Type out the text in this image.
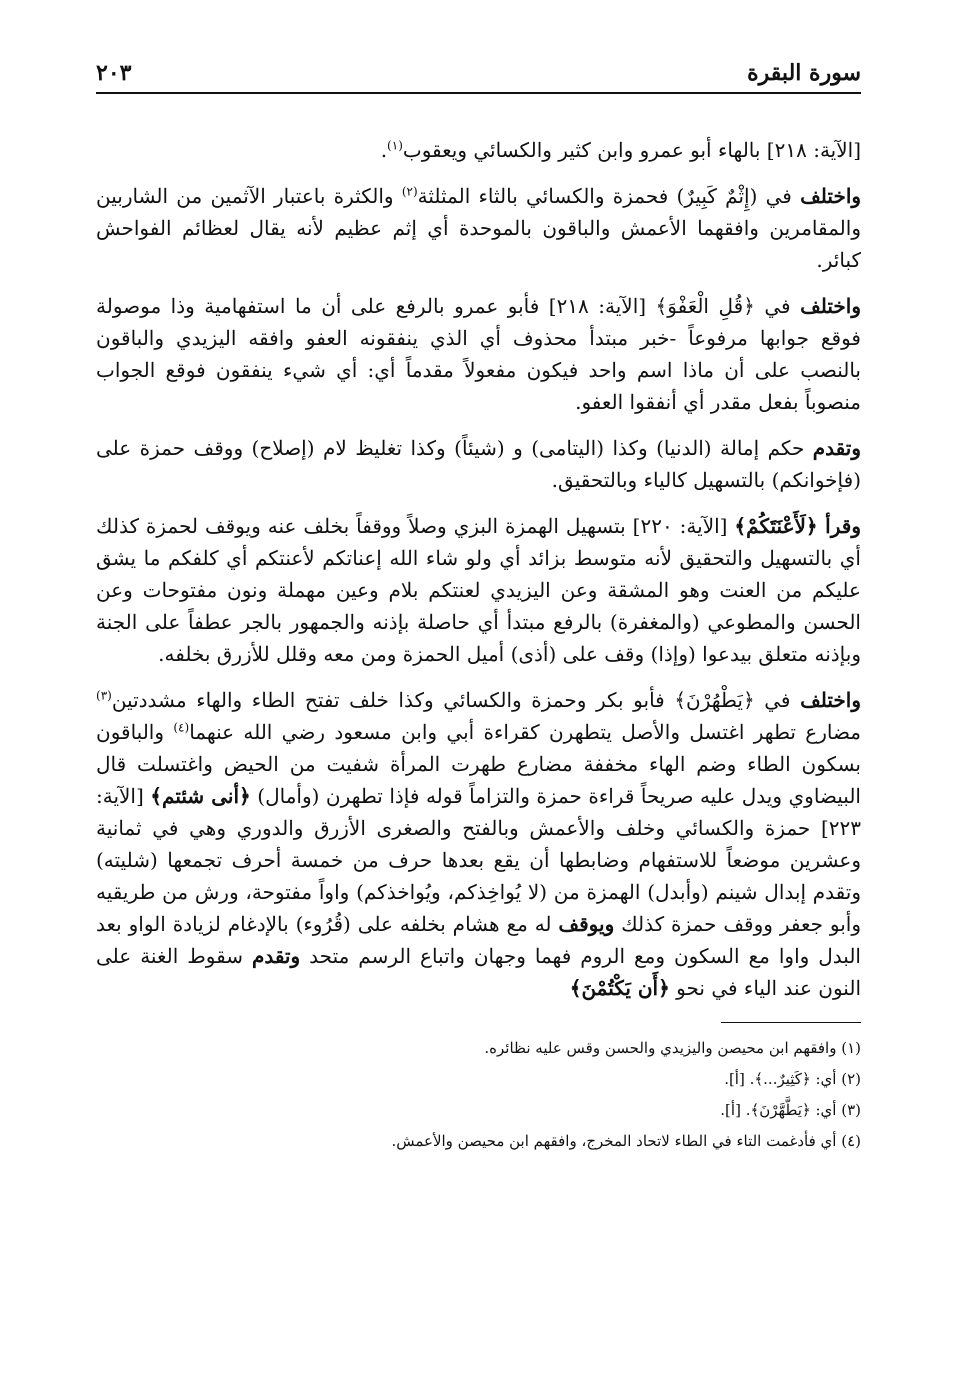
سورة البقرة
٢٠٣

[الآية: ٢١٨] بالهاء أبو عمرو وابن كثير والكسائي ويعقوب$^{(١)}$.

واختلف في (إِثْمٌ كَبِيرٌ) فحمزة والكسائي بالثاء المثلثة$^{(٢)}$ والكثرة باعتبار الآثمين من الشاربين والمقامرين وافقهما الأعمش والباقون بالموحدة أي إثم عظيم لأنه يقال لعظائم الفواحش كبائر.

واختلف في ﴿قُلِ الْعَفْوَ﴾ [الآية: ٢١٨] فأبو عمرو بالرفع على أن ما استفهامية وذا موصولة فوقع جوابها مرفوعاً -خبر مبتدأ محذوف أي الذي ينفقونه العفو وافقه اليزيدي والباقون بالنصب على أن ماذا اسم واحد فيكون مفعولاً مقدماً أي: أي شيء ينفقون فوقع الجواب منصوباً بفعل مقدر أي أنفقوا العفو.

وتقدم حكم إمالة (الدنيا) وكذا (اليتامى) و (شيئاً) وكذا تغليظ لام (إصلاح) ووقف حمزة على (فإخوانكم) بالتسهيل كالياء وبالتحقيق.

وقرأ ﴿لَأَعْنَتَكُمْ﴾ [الآية: ٢٢٠] بتسهيل الهمزة البزي وصلاً ووقفاً بخلف عنه ويوقف لحمزة كذلك أي بالتسهيل والتحقيق لأنه متوسط بزائد أي ولو شاء الله إعناتكم لأعنتكم أي كلفكم ما يشق عليكم من العنت وهو المشقة وعن اليزيدي لعنتكم بلام وعين مهملة ونون مفتوحات وعن الحسن والمطوعي (والمغفرة) بالرفع مبتدأ أي حاصلة بإذنه والجمهور بالجر عطفاً على الجنة وبإذنه متعلق بيدعوا (وإذا) وقف على (أذى) أميل الحمزة ومن معه وقلل للأزرق بخلفه.

واختلف في ﴿يَطْهُرْنَ﴾ فأبو بكر وحمزة والكسائي وكذا خلف تفتح الطاء والهاء مشددتين$^{(٣)}$ مضارع تطهر اغتسل والأصل يتطهرن كقراءة أبي وابن مسعود رضي الله عنهما$^{(٤)}$ والباقون بسكون الطاء وضم الهاء مخففة مضارع طهرت المرأة شفيت من الحيض واغتسلت قال البيضاوي ويدل عليه صريحاً قراءة حمزة والتزاماً قوله فإذا تطهرن (وأمال) ﴿أنى شئتم﴾ [الآية: ٢٢٣] حمزة والكسائي وخلف والأعمش وبالفتح والصغرى الأزرق والدوري وهي في ثمانية وعشرين موضعاً للاستفهام وضابطها أن يقع بعدها حرف من خمسة أحرف تجمعها (شليته) وتقدم إبدال شينم (وأبدل) الهمزة من (لا يُواخِذكم، ويُواخذكم) واواً مفتوحة، ورش من طريقيه وأبو جعفر ووقف حمزة كذلك ويوقف له مع هشام بخلفه على (قُرُوء) بالإدغام لزيادة الواو بعد البدل واوا مع السكون ومع الروم فهما وجهان واتباع الرسم متحد وتقدم سقوط الغنة على النون عند الياء في نحو ﴿أَن يَكْتُمْنَ﴾

(١) وافقهم ابن محيصن واليزيدي والحسن وقس عليه نظائره.
(٢) أي: ﴿كَثِيرٌ...﴾. [أ].
(٣) أي: ﴿يَطَّهَّرْنَ﴾. [أ].
(٤) أي فأدغمت التاء في الطاء لاتحاد المخرج، وافقهم ابن محيصن والأعمش.
